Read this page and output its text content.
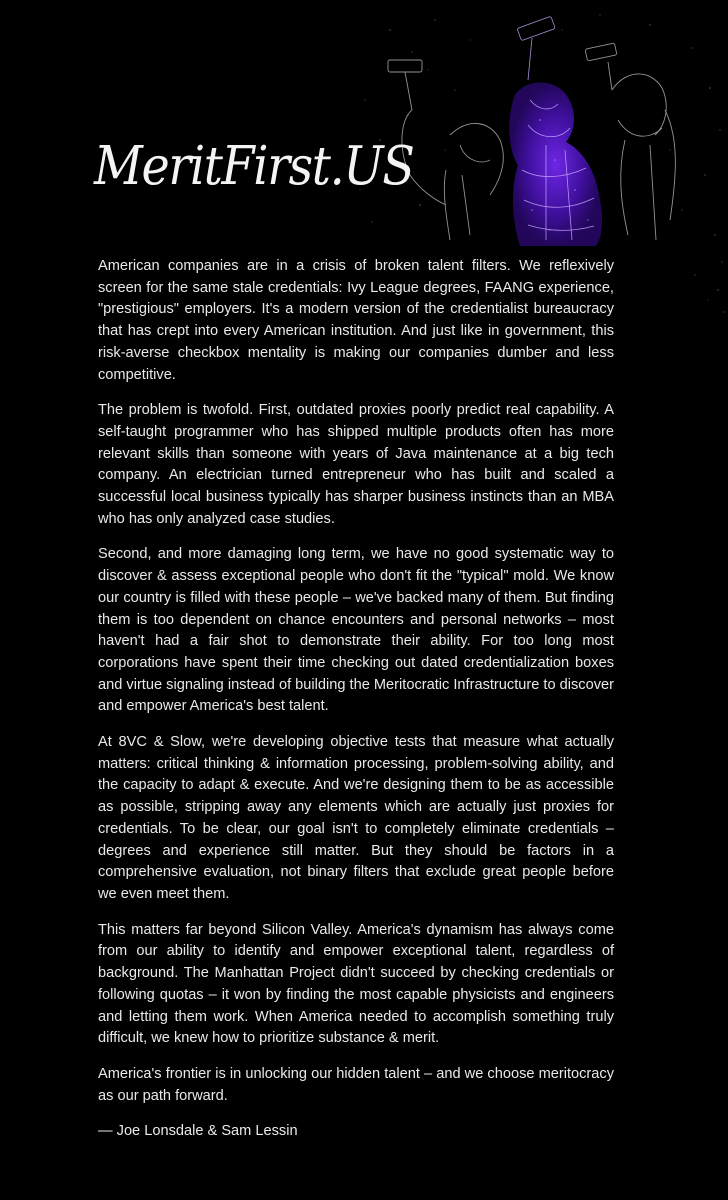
MeritFirst.US

American companies are in a crisis of broken talent filters. We reflexively screen for the same stale credentials: Ivy League degrees, FAANG experience, "prestigious" employers. It's a modern version of the credentialist bureaucracy that has crept into every American institution. And just like in government, this risk-averse checkbox mentality is making our companies dumber and less competitive.

The problem is twofold. First, outdated proxies poorly predict real capability. A self-taught programmer who has shipped multiple products often has more relevant skills than someone with years of Java maintenance at a big tech company. An electrician turned entrepreneur who has built and scaled a successful local business typically has sharper business instincts than an MBA who has only analyzed case studies.

Second, and more damaging long term, we have no good systematic way to discover & assess exceptional people who don't fit the "typical" mold. We know our country is filled with these people – we've backed many of them. But finding them is too dependent on chance encounters and personal networks – most haven't had a fair shot to demonstrate their ability. For too long most corporations have spent their time checking out dated credentialization boxes and virtue signaling instead of building the Meritocratic Infrastructure to discover and empower America's best talent.

At 8VC & Slow, we're developing objective tests that measure what actually matters: critical thinking & information processing, problem-solving ability, and the capacity to adapt & execute. And we're designing them to be as accessible as possible, stripping away any elements which are actually just proxies for credentials. To be clear, our goal isn't to completely eliminate credentials – degrees and experience still matter. But they should be factors in a comprehensive evaluation, not binary filters that exclude great people before we even meet them.

This matters far beyond Silicon Valley. America's dynamism has always come from our ability to identify and empower exceptional talent, regardless of background. The Manhattan Project didn't succeed by checking credentials or following quotas – it won by finding the most capable physicists and engineers and letting them work. When America needed to accomplish something truly difficult, we knew how to prioritize substance & merit.

America's frontier is in unlocking our hidden talent – and we choose meritocracy as our path forward.

— Joe Lonsdale & Sam Lessin
